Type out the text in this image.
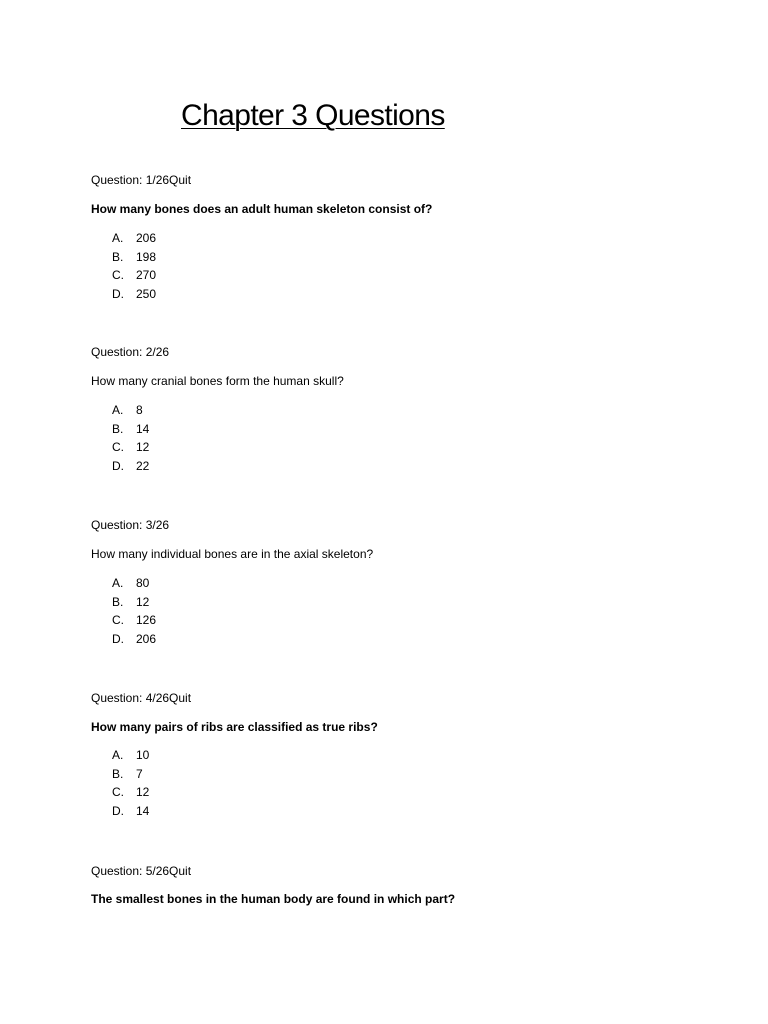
Chapter 3 Questions
Question: 1/26Quit
How many bones does an adult human skeleton consist of?
A.	206
B.	198
C.	270
D.	250
Question: 2/26
How many cranial bones form the human skull?
A.	8
B.	14
C.	12
D.	22
Question: 3/26
How many individual bones are in the axial skeleton?
A.	80
B.	12
C.	126
D.	206
Question: 4/26Quit
How many pairs of ribs are classified as true ribs?
A.	10
B.	7
C.	12
D.	14
Question: 5/26Quit
The smallest bones in the human body are found in which part?
